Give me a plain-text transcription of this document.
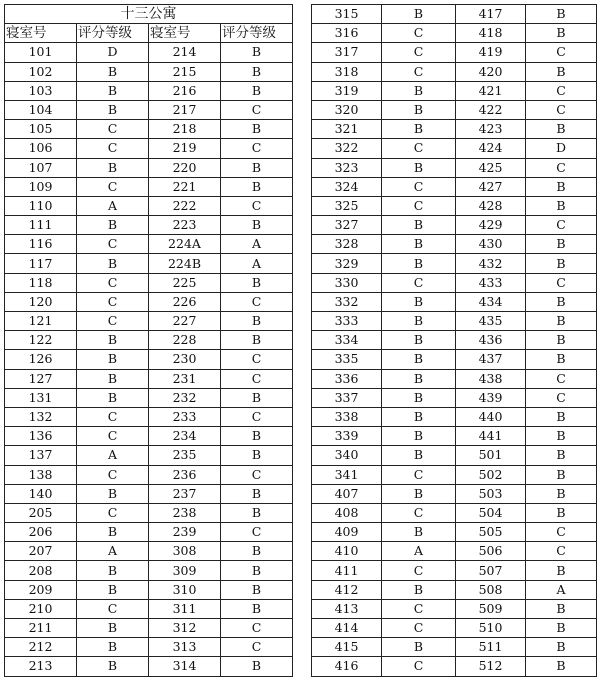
十三公寓			
寝室号	评分等级	寝室号	评分等级
101	D	214	B
102	B	215	B
103	B	216	B
104	B	217	C
105	C	218	B
106	C	219	C
107	B	220	B
109	C	221	B
110	A	222	C
111	B	223	B
116	C	224A	A
117	B	224B	A
118	C	225	B
120	C	226	C
121	C	227	B
122	B	228	B
126	B	230	C
127	B	231	C
131	B	232	B
132	C	233	C
136	C	234	B
137	A	235	B
138	C	236	C
140	B	237	B
205	C	238	B
206	B	239	C
207	A	308	B
208	B	309	B
209	B	310	B
210	C	311	B
211	B	312	C
212	B	313	C
213	B	314	B
315	B	417	B
316	C	418	B
317	C	419	C
318	C	420	B
319	B	421	C
320	B	422	C
321	B	423	B
322	C	424	D
323	B	425	C
324	C	427	B
325	C	428	B
327	B	429	C
328	B	430	B
329	B	432	B
330	C	433	C
332	B	434	B
333	B	435	B
334	B	436	B
335	B	437	B
336	B	438	C
337	B	439	C
338	B	440	B
339	B	441	B
340	B	501	B
341	C	502	B
407	B	503	B
408	C	504	B
409	B	505	C
410	A	506	C
411	C	507	B
412	B	508	A
413	C	509	B
414	C	510	B
415	B	511	B
416	C	512	B
